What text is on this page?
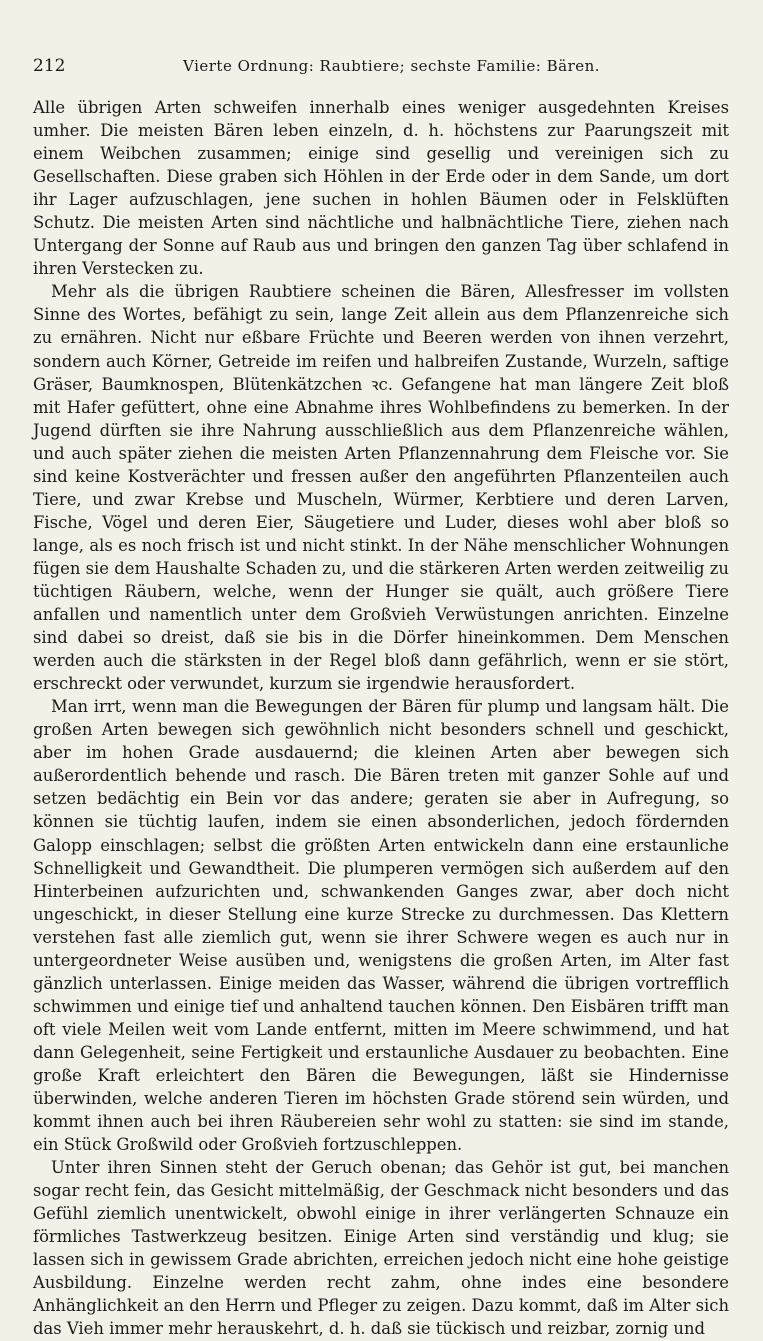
212	Vierte Ordnung: Raubtiere; sechste Familie: Bären.

Alle übrigen Arten schweifen innerhalb eines weniger ausgedehnten Kreises umher. Die meisten Bären leben einzeln, d. h. höchstens zur Paarungszeit mit einem Weibchen zusammen; einige sind gesellig und vereinigen sich zu Gesellschaften. Diese graben sich Höhlen in der Erde oder in dem Sande, um dort ihr Lager aufzuschlagen, jene suchen in hohlen Bäumen oder in Felsklüften Schutz. Die meisten Arten sind nächtliche und halbnächtliche Tiere, ziehen nach Untergang der Sonne auf Raub aus und bringen den ganzen Tag über schlafend in ihren Verstecken zu.

Mehr als die übrigen Raubtiere scheinen die Bären, Allesfresser im vollsten Sinne des Wortes, befähigt zu sein, lange Zeit allein aus dem Pflanzenreiche sich zu ernähren. Nicht nur eßbare Früchte und Beeren werden von ihnen verzehrt, sondern auch Körner, Getreide im reifen und halbreifen Zustande, Wurzeln, saftige Gräser, Baumknospen, Blütenkätzchen ꝛc. Gefangene hat man längere Zeit bloß mit Hafer gefüttert, ohne eine Abnahme ihres Wohlbefindens zu bemerken. In der Jugend dürften sie ihre Nahrung ausschließlich aus dem Pflanzenreiche wählen, und auch später ziehen die meisten Arten Pflanzennahrung dem Fleische vor. Sie sind keine Kostverächter und fressen außer den angeführten Pflanzenteilen auch Tiere, und zwar Krebse und Muscheln, Würmer, Kerbtiere und deren Larven, Fische, Vögel und deren Eier, Säugetiere und Luder, dieses wohl aber bloß so lange, als es noch frisch ist und nicht stinkt. In der Nähe menschlicher Wohnungen fügen sie dem Haushalte Schaden zu, und die stärkeren Arten werden zeitweilig zu tüchtigen Räubern, welche, wenn der Hunger sie quält, auch größere Tiere anfallen und namentlich unter dem Großvieh Verwüstungen anrichten. Einzelne sind dabei so dreist, daß sie bis in die Dörfer hineinkommen. Dem Menschen werden auch die stärksten in der Regel bloß dann gefährlich, wenn er sie stört, erschreckt oder verwundet, kurzum sie irgendwie herausfordert.

Man irrt, wenn man die Bewegungen der Bären für plump und langsam hält. Die großen Arten bewegen sich gewöhnlich nicht besonders schnell und geschickt, aber im hohen Grade ausdauernd; die kleinen Arten aber bewegen sich außerordentlich behende und rasch. Die Bären treten mit ganzer Sohle auf und setzen bedächtig ein Bein vor das andere; geraten sie aber in Aufregung, so können sie tüchtig laufen, indem sie einen absonderlichen, jedoch fördernden Galopp einschlagen; selbst die größten Arten entwickeln dann eine erstaunliche Schnelligkeit und Gewandtheit. Die plumperen vermögen sich außerdem auf den Hinterbeinen aufzurichten und, schwankenden Ganges zwar, aber doch nicht ungeschickt, in dieser Stellung eine kurze Strecke zu durchmessen. Das Klettern verstehen fast alle ziemlich gut, wenn sie ihrer Schwere wegen es auch nur in untergeordneter Weise ausüben und, wenigstens die großen Arten, im Alter fast gänzlich unterlassen. Einige meiden das Wasser, während die übrigen vortrefflich schwimmen und einige tief und anhaltend tauchen können. Den Eisbären trifft man oft viele Meilen weit vom Lande entfernt, mitten im Meere schwimmend, und hat dann Gelegenheit, seine Fertigkeit und erstaunliche Ausdauer zu beobachten. Eine große Kraft erleichtert den Bären die Bewegungen, läßt sie Hindernisse überwinden, welche anderen Tieren im höchsten Grade störend sein würden, und kommt ihnen auch bei ihren Räubereien sehr wohl zu statten: sie sind im stande, ein Stück Großwild oder Großvieh fortzuschleppen.

Unter ihren Sinnen steht der Geruch obenan; das Gehör ist gut, bei manchen sogar recht fein, das Gesicht mittelmäßig, der Geschmack nicht besonders und das Gefühl ziemlich unentwickelt, obwohl einige in ihrer verlängerten Schnauze ein förmliches Tastwerkzeug besitzen. Einige Arten sind verständig und klug; sie lassen sich in gewissem Grade abrichten, erreichen jedoch nicht eine hohe geistige Ausbildung. Einzelne werden recht zahm, ohne indes eine besondere Anhänglichkeit an den Herrn und Pfleger zu zeigen. Dazu kommt, daß im Alter sich das Vieh immer mehr herauskehrt, d. h. daß sie tückisch und reizbar, zornig und
